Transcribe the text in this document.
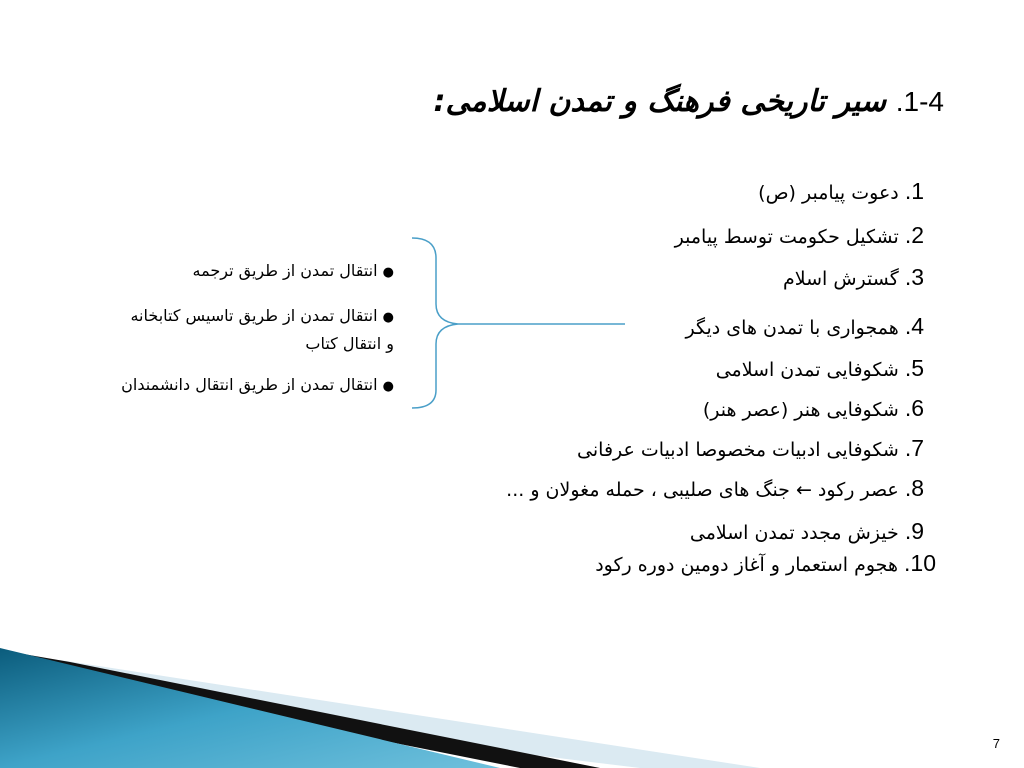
1-4. سیر تاریخی فرهنگ و تمدن اسلامی:
1. دعوت پیامبر (ص)
2. تشکیل حکومت توسط پیامبر
3. گسترش اسلام
4. همجواری با تمدن های دیگر
5. شکوفایی تمدن اسلامی
6. شکوفایی هنر (عصر هنر)
7. شکوفایی ادبیات مخصوصا ادبیات عرفانی
8. عصر رکود ← جنگ های صلیبی ، حمله مغولان و ...
9. خیزش مجدد تمدن اسلامی
10. هجوم استعمار و آغاز دومین دوره رکود
● انتقال تمدن از طریق ترجمه
● انتقال تمدن از طریق تاسیس کتابخانه
و انتقال کتاب
● انتقال تمدن از طریق انتقال دانشمندان
7
